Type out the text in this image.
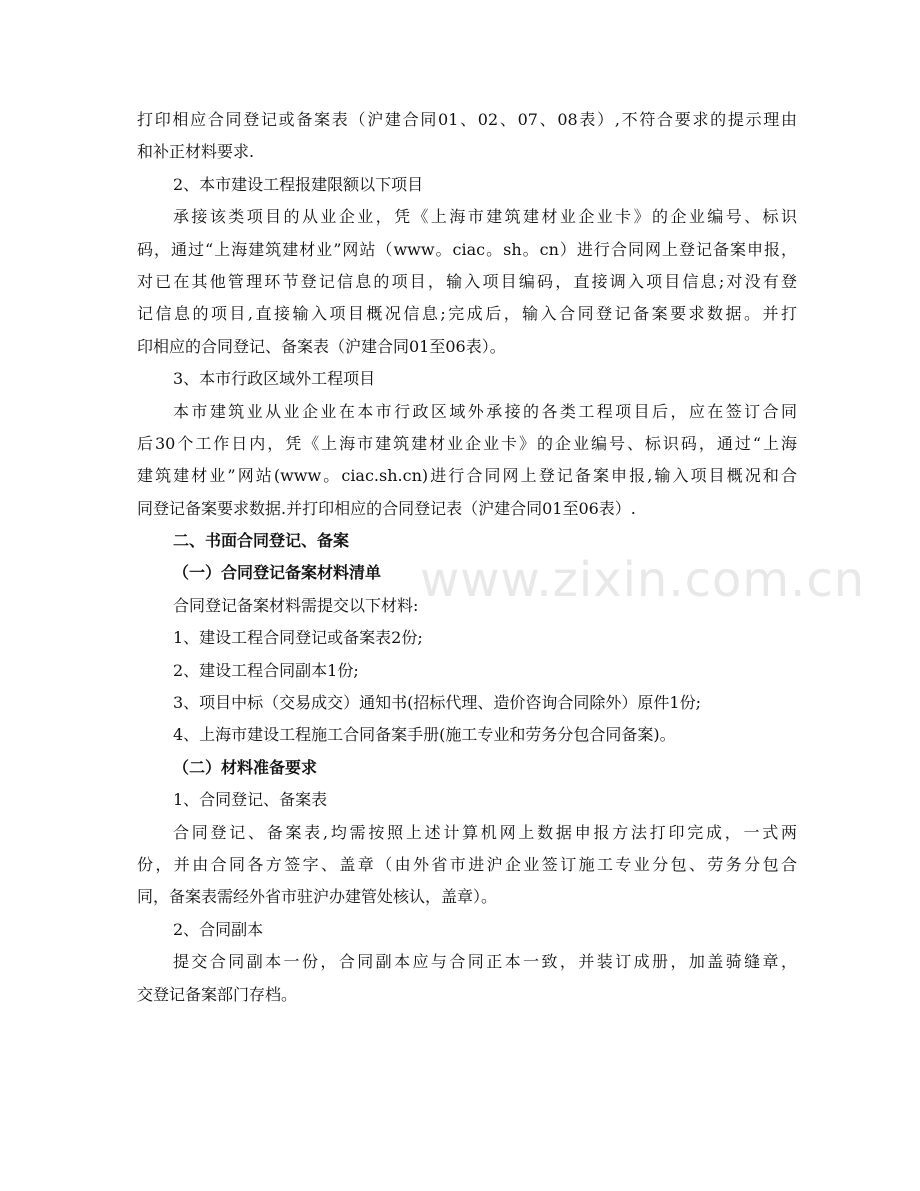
打印相应合同登记或备案表（沪建合同01、02、07、08表）,不符合要求的提示理由

和补正材料要求.

2、本市建设工程报建限额以下项目

承接该类项目的从业企业，凭《上海市建筑建材业企业卡》的企业编号、标识

码，通过“上海建筑建材业”网站（www。ciac。sh。cn）进行合同网上登记备案申报，

对已在其他管理环节登记信息的项目，输入项目编码，直接调入项目信息;对没有登

记信息的项目,直接输入项目概况信息;完成后，输入合同登记备案要求数据。并打

印相应的合同登记、备案表（沪建合同01至06表）。

3、本市行政区域外工程项目

本市建筑业从业企业在本市行政区域外承接的各类工程项目后，应在签订合同

后30个工作日内，凭《上海市建筑建材业企业卡》的企业编号、标识码，通过“上海

建筑建材业”网站(www。ciac.sh.cn)进行合同网上登记备案申报,输入项目概况和合

同登记备案要求数据.并打印相应的合同登记表（沪建合同01至06表）.

二、书面合同登记、备案

（一）合同登记备案材料清单

合同登记备案材料需提交以下材料:

1、建设工程合同登记或备案表2份;

2、建设工程合同副本1份;

3、项目中标（交易成交）通知书(招标代理、造价咨询合同除外）原件1份;

4、上海市建设工程施工合同备案手册(施工专业和劳务分包合同备案)。

（二）材料准备要求

1、合同登记、备案表

合同登记、备案表,均需按照上述计算机网上数据申报方法打印完成，一式两

份，并由合同各方签字、盖章（由外省市进沪企业签订施工专业分包、劳务分包合

同，备案表需经外省市驻沪办建管处核认，盖章）。

2、合同副本

提交合同副本一份，合同副本应与合同正本一致，并装订成册，加盖骑缝章，

交登记备案部门存档。

www.zixin.com.cn
